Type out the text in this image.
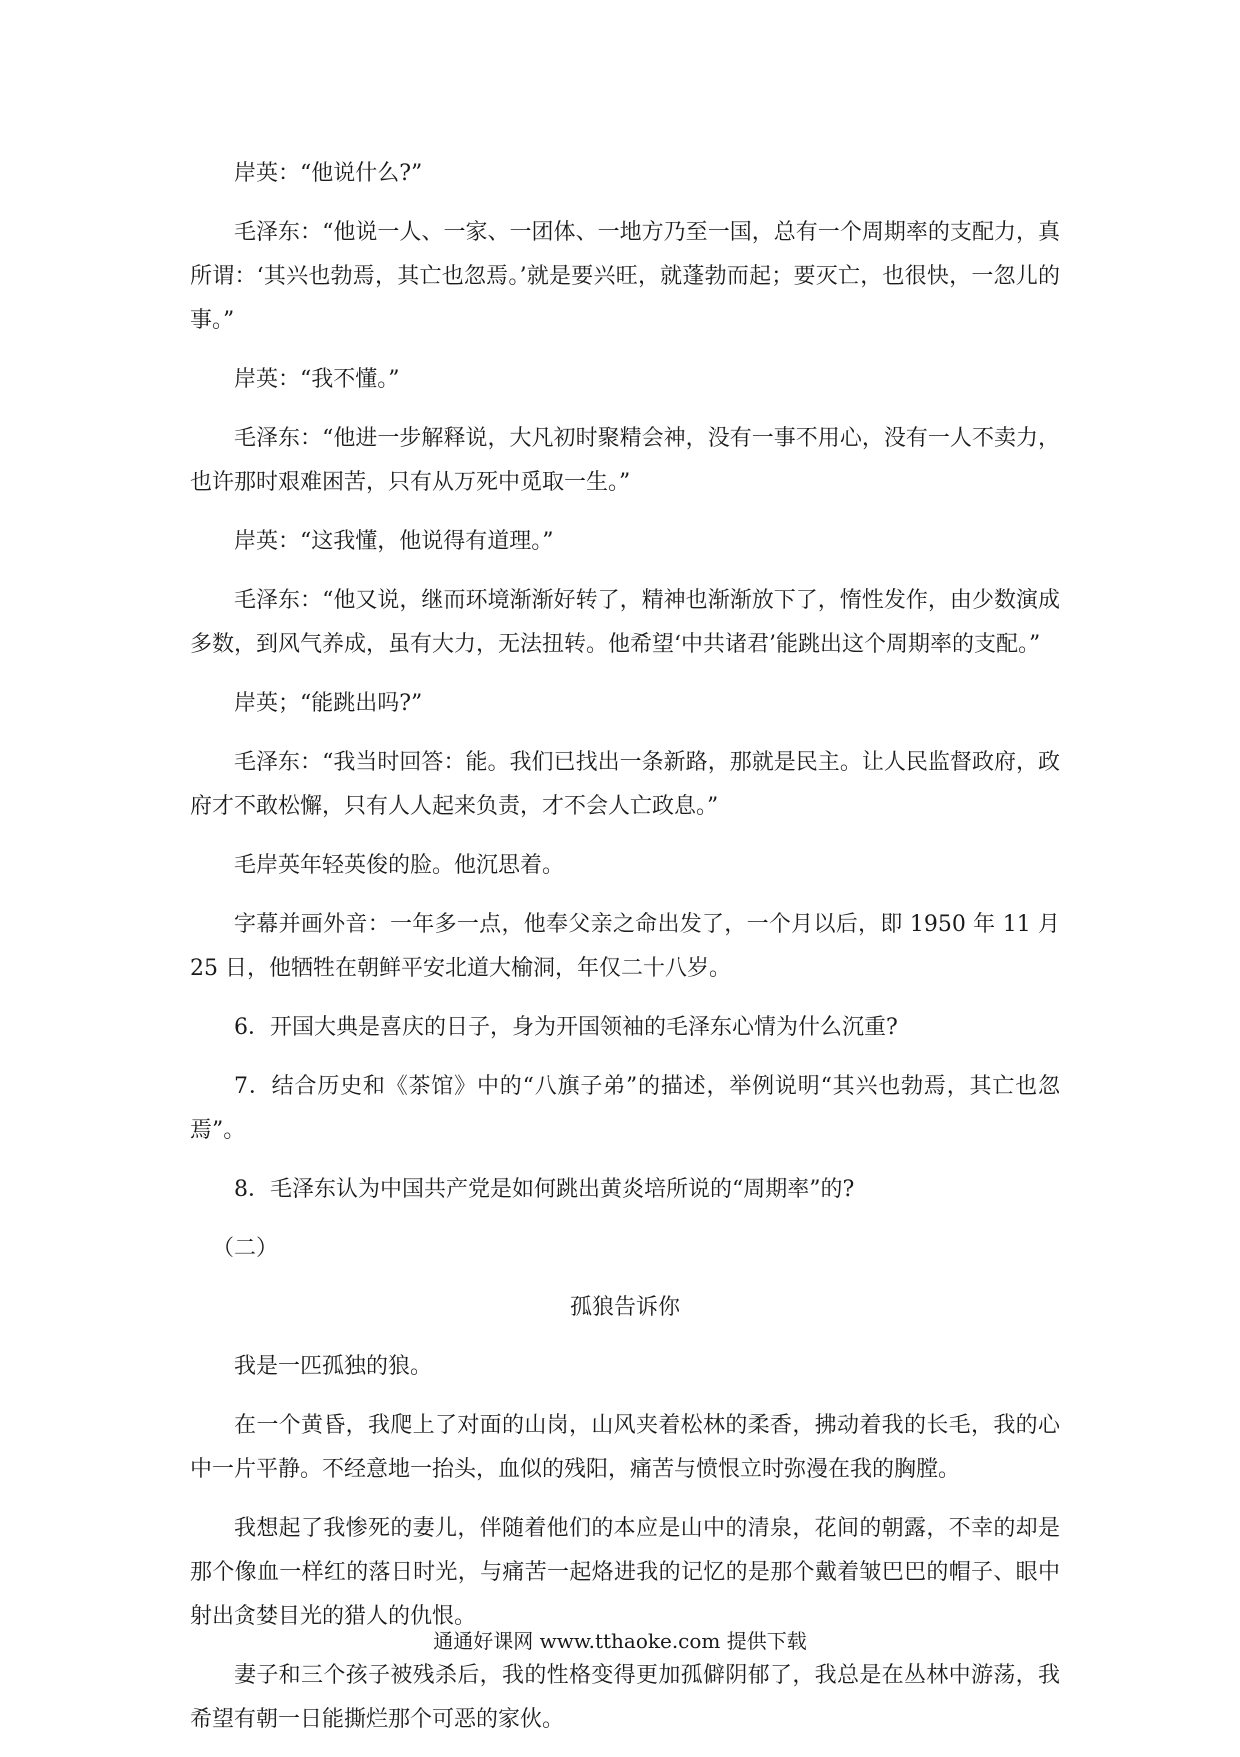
岸英：“他说什么?”

毛泽东：“他说一人、一家、一团体、一地方乃至一国，总有一个周期率的支配力，真所谓：‘其兴也勃焉，其亡也忽焉。’就是要兴旺，就蓬勃而起；要灭亡，也很快，一忽儿的事。”

岸英：“我不懂。”

毛泽东：“他进一步解释说，大凡初时聚精会神，没有一事不用心，没有一人不卖力，也许那时艰难困苦，只有从万死中觅取一生。”

岸英：“这我懂，他说得有道理。”

毛泽东：“他又说，继而环境渐渐好转了，精神也渐渐放下了，惰性发作，由少数演成多数，到风气养成，虽有大力，无法扭转。他希望‘中共诸君’能跳出这个周期率的支配。”

岸英；“能跳出吗?”

毛泽东：“我当时回答：能。我们已找出一条新路，那就是民主。让人民监督政府，政府才不敢松懈，只有人人起来负责，才不会人亡政息。”

毛岸英年轻英俊的脸。他沉思着。

字幕并画外音：一年多一点，他奉父亲之命出发了，一个月以后，即 1950 年 11 月 25 日，他牺牲在朝鲜平安北道大榆洞，年仅二十八岁。

6．开国大典是喜庆的日子，身为开国领袖的毛泽东心情为什么沉重?

7．结合历史和《茶馆》中的“八旗子弟”的描述，举例说明“其兴也勃焉，其亡也忽焉”。

8．毛泽东认为中国共产党是如何跳出黄炎培所说的“周期率”的?

（二）

孤狼告诉你

我是一匹孤独的狼。

在一个黄昏，我爬上了对面的山岗，山风夹着松林的柔香，拂动着我的长毛，我的心中一片平静。不经意地一抬头，血似的残阳，痛苦与愤恨立时弥漫在我的胸膛。

我想起了我惨死的妻儿，伴随着他们的本应是山中的清泉，花间的朝露，不幸的却是那个像血一样红的落日时光，与痛苦一起烙进我的记忆的是那个戴着皱巴巴的帽子、眼中射出贪婪目光的猎人的仇恨。

妻子和三个孩子被残杀后，我的性格变得更加孤僻阴郁了，我总是在丛林中游荡，我希望有朝一日能撕烂那个可恶的家伙。

通通好课网 www.tthaoke.com 提供下载
